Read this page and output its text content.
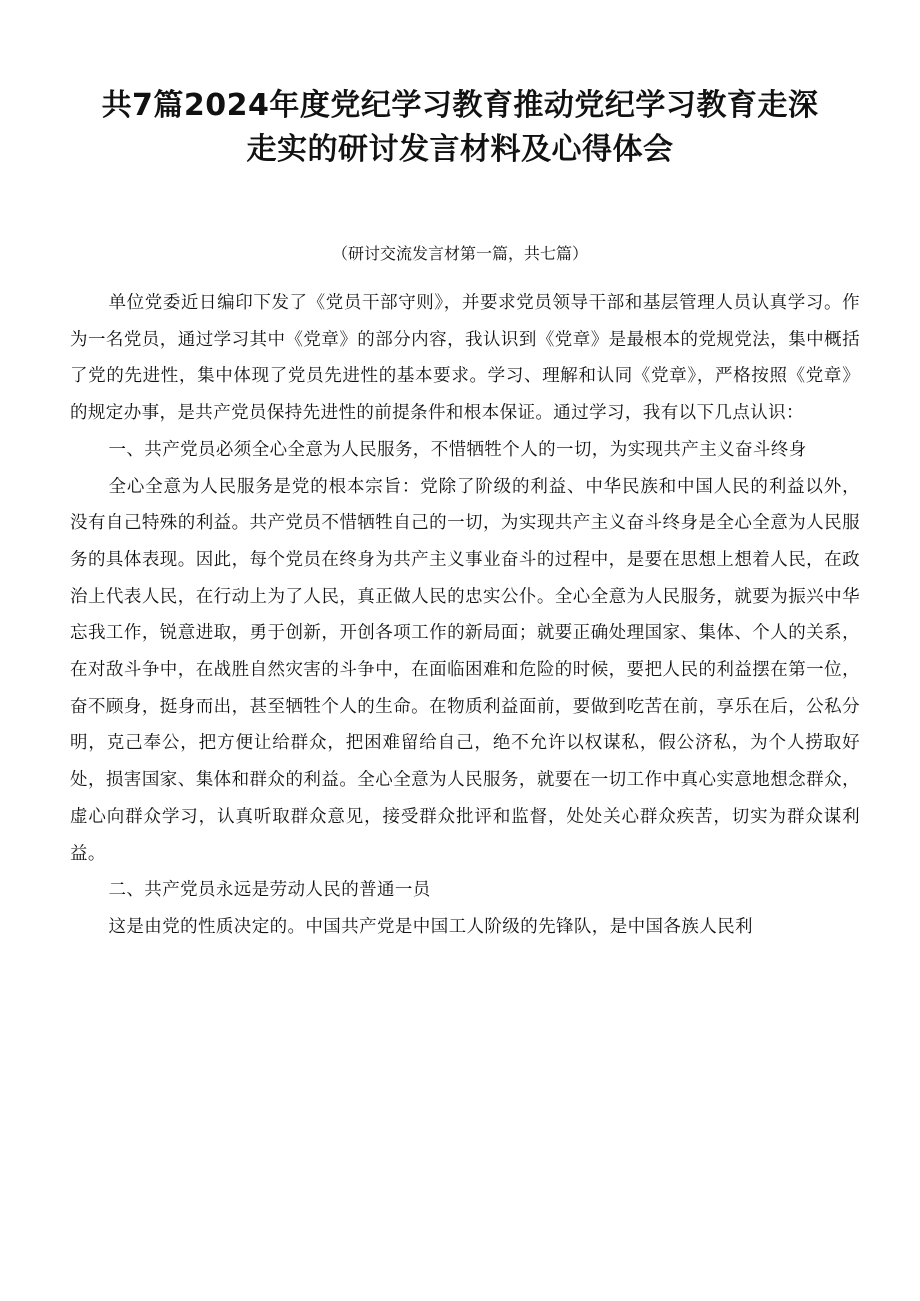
共7篇2024年度党纪学习教育推动党纪学习教育走深
走实的研讨发言材料及心得体会
（研讨交流发言材第一篇，共七篇）

单位党委近日编印下发了《党员干部守则》，并要求党员领导干部和基层管理人员认真学习。作为一名党员，通过学习其中《党章》的部分内容，我认识到《党章》是最根本的党规党法，集中概括了党的先进性，集中体现了党员先进性的基本要求。学习、理解和认同《党章》，严格按照《党章》的规定办事，是共产党员保持先进性的前提条件和根本保证。通过学习，我有以下几点认识：

一、共产党员必须全心全意为人民服务，不惜牺牲个人的一切，为实现共产主义奋斗终身

全心全意为人民服务是党的根本宗旨：党除了阶级的利益、中华民族和中国人民的利益以外，没有自己特殊的利益。共产党员不惜牺牲自己的一切，为实现共产主义奋斗终身是全心全意为人民服务的具体表现。因此，每个党员在终身为共产主义事业奋斗的过程中，是要在思想上想着人民，在政治上代表人民，在行动上为了人民，真正做人民的忠实公仆。全心全意为人民服务，就要为振兴中华忘我工作，锐意进取，勇于创新，开创各项工作的新局面；就要正确处理国家、集体、个人的关系，在对敌斗争中，在战胜自然灾害的斗争中，在面临困难和危险的时候，要把人民的利益摆在第一位，奋不顾身，挺身而出，甚至牺牲个人的生命。在物质利益面前，要做到吃苦在前，享乐在后，公私分明，克己奉公，把方便让给群众，把困难留给自己，绝不允许以权谋私，假公济私，为个人捞取好处，损害国家、集体和群众的利益。全心全意为人民服务，就要在一切工作中真心实意地想念群众，虚心向群众学习，认真听取群众意见，接受群众批评和监督，处处关心群众疾苦，切实为群众谋利益。

二、共产党员永远是劳动人民的普通一员

这是由党的性质决定的。中国共产党是中国工人阶级的先锋队，是中国各族人民利
